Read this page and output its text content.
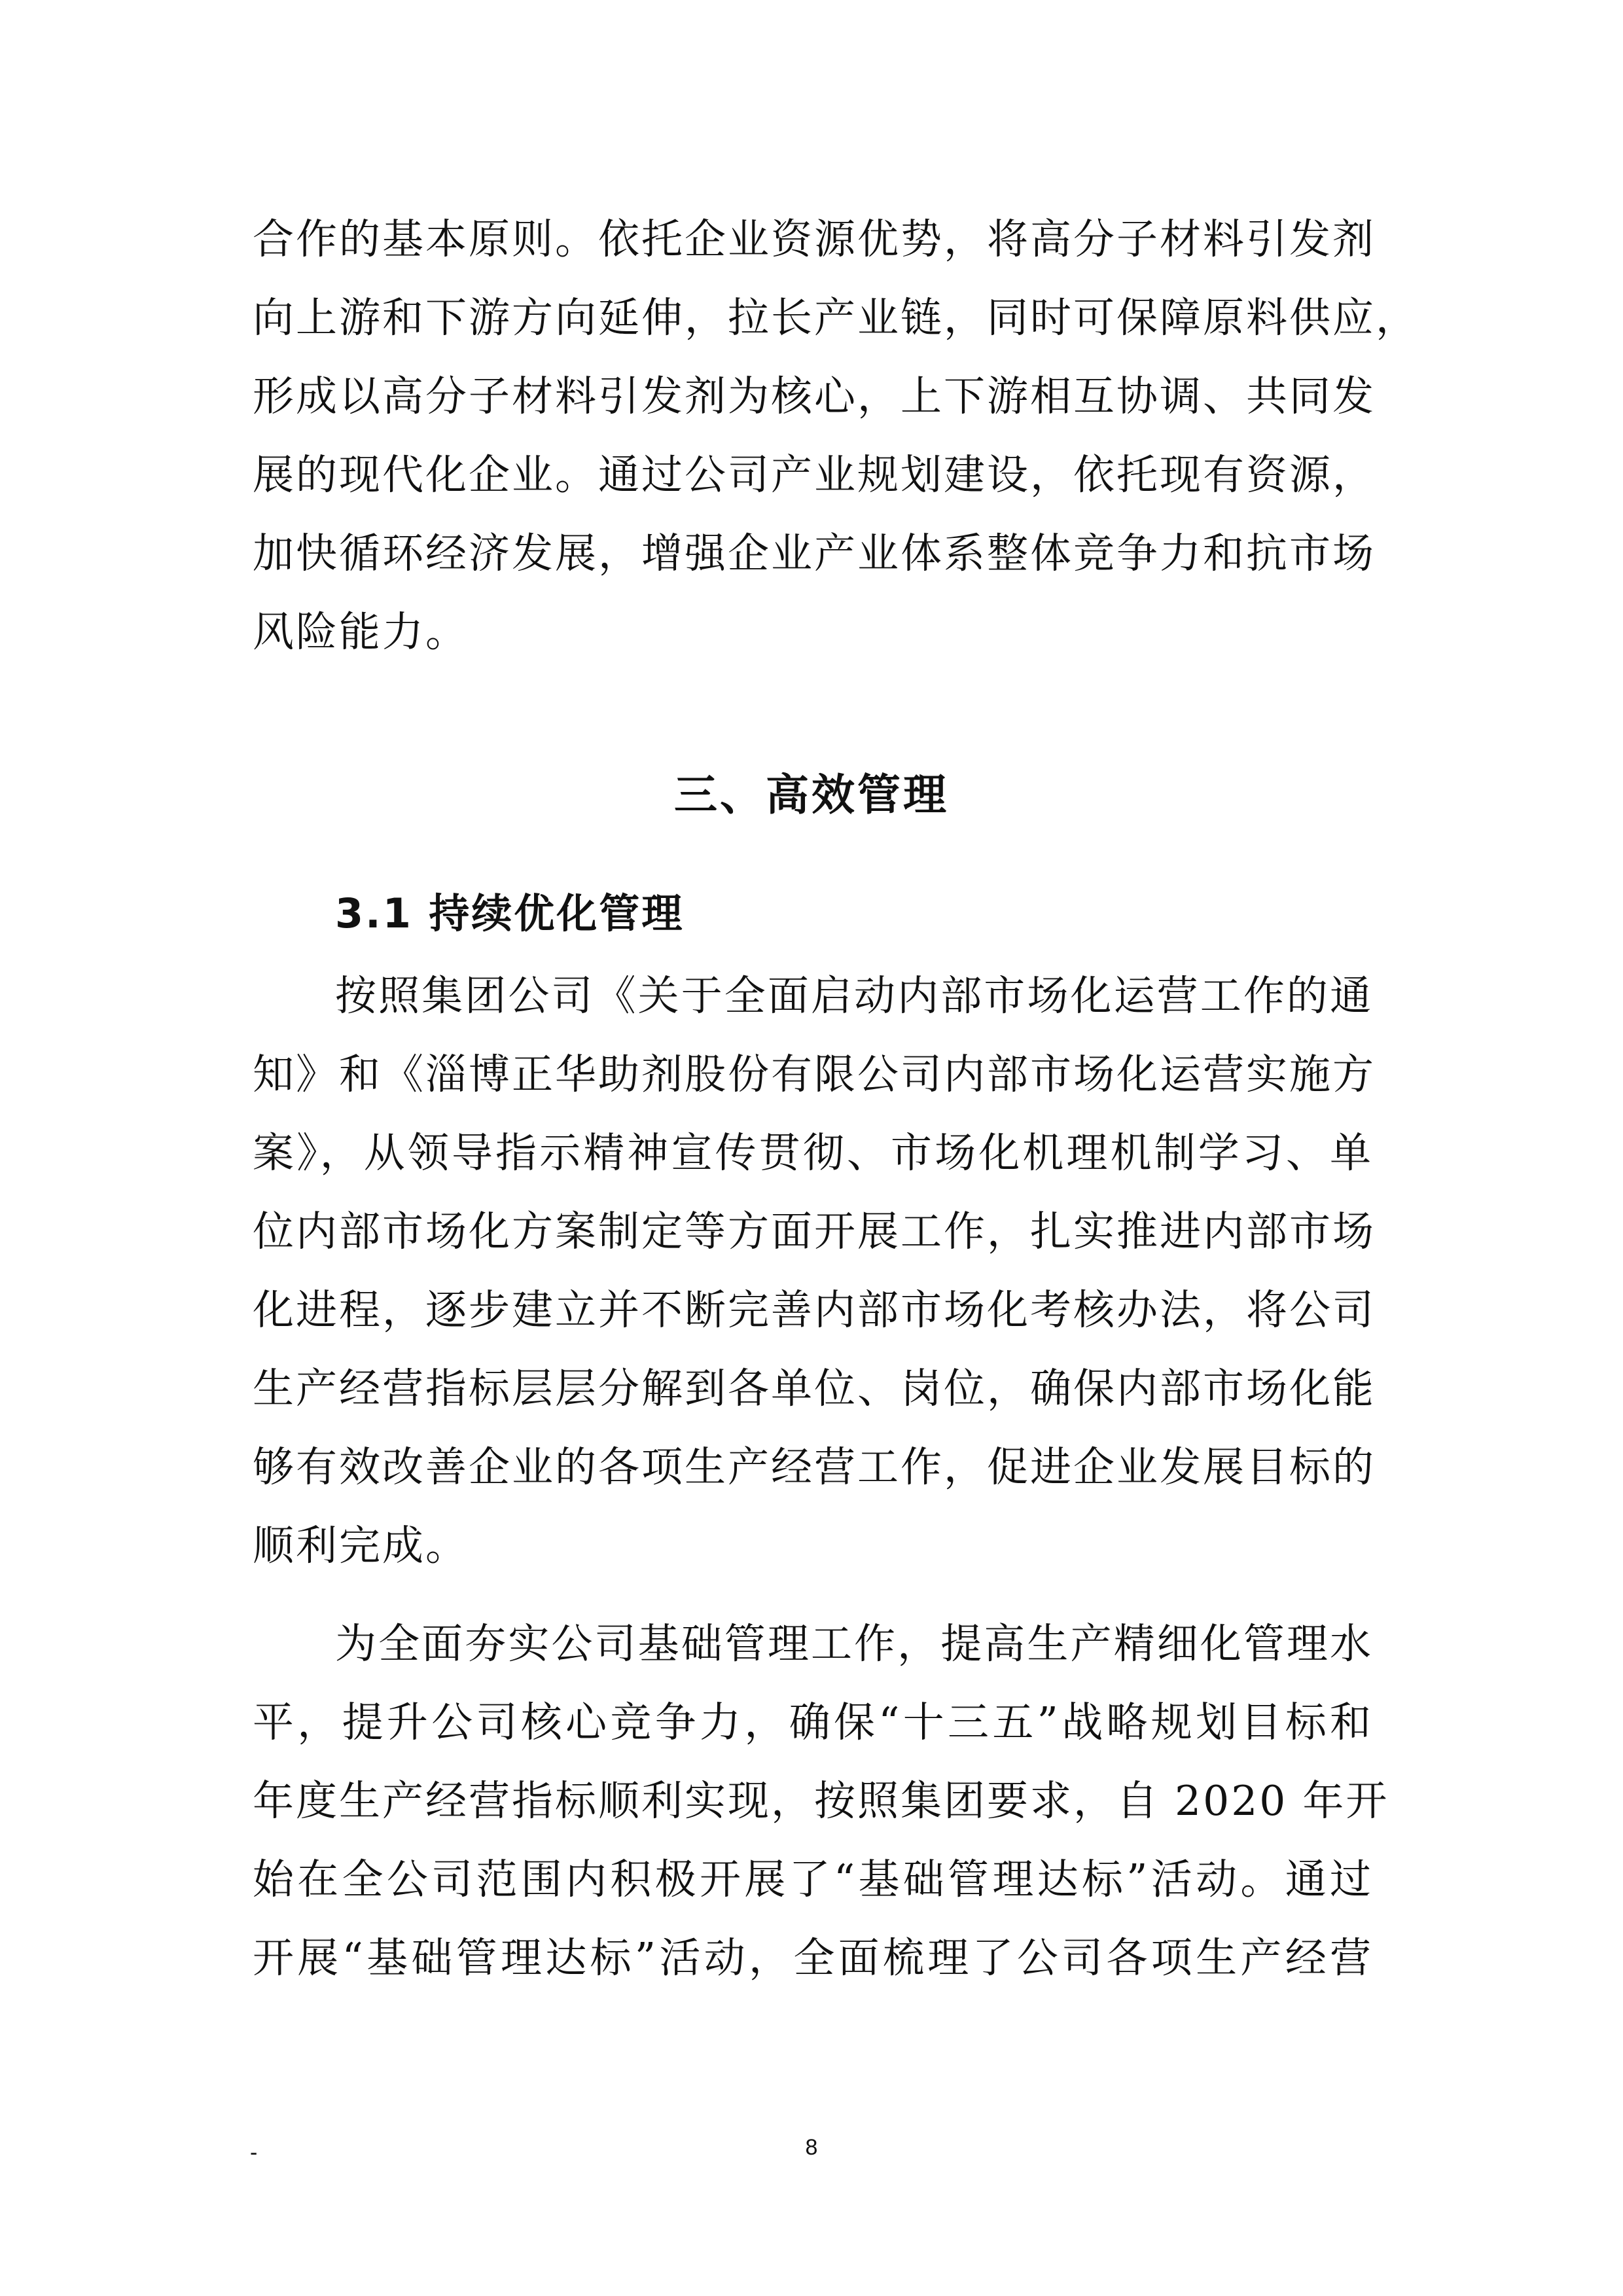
合作的基本原则。依托企业资源优势，将高分子材料引发剂
向上游和下游方向延伸，拉长产业链，同时可保障原料供应，
形成以高分子材料引发剂为核心，上下游相互协调、共同发
展的现代化企业。通过公司产业规划建设，依托现有资源，
加快循环经济发展，增强企业产业体系整体竞争力和抗市场
风险能力。
三、高效管理
3.1 持续优化管理
按照集团公司《关于全面启动内部市场化运营工作的通
知》和《淄博正华助剂股份有限公司内部市场化运营实施方
案》，从领导指示精神宣传贯彻、市场化机理机制学习、单
位内部市场化方案制定等方面开展工作，扎实推进内部市场
化进程，逐步建立并不断完善内部市场化考核办法，将公司
生产经营指标层层分解到各单位、岗位，确保内部市场化能
够有效改善企业的各项生产经营工作，促进企业发展目标的
顺利完成。
为全面夯实公司基础管理工作，提高生产精细化管理水
平，提升公司核心竞争力，确保“十三五”战略规划目标和
年度生产经营指标顺利实现，按照集团要求，自 2020 年开
始在全公司范围内积极开展了“基础管理达标”活动。通过
开展“基础管理达标”活动，全面梳理了公司各项生产经营
-	8
